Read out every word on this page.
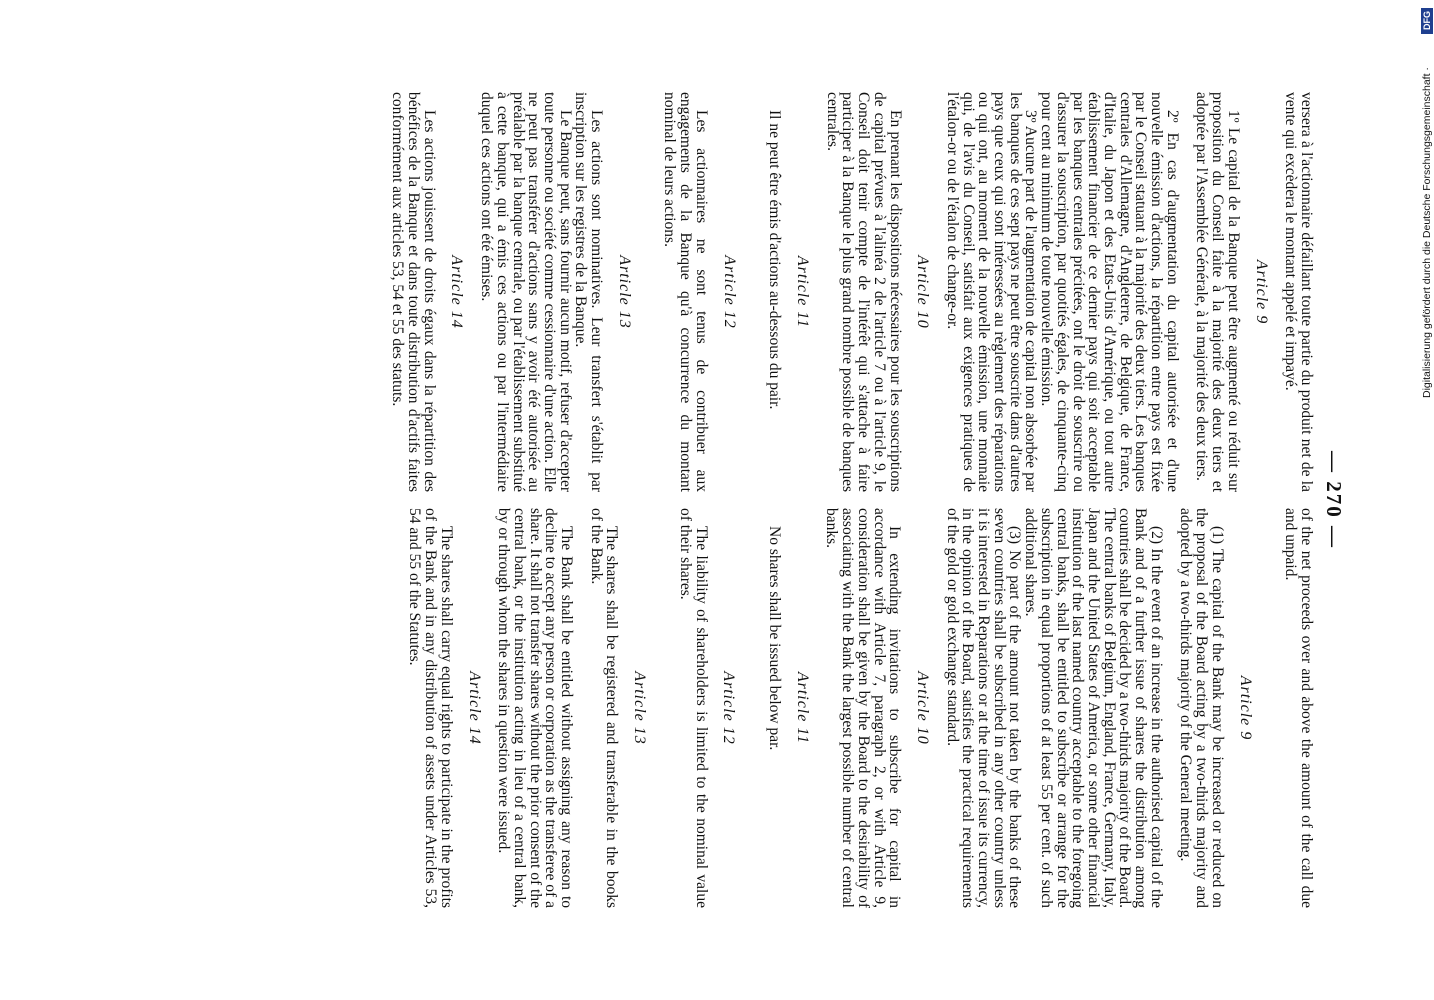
— 270 —

versera à l'actionnaire défaillant toute partie du produit net de la vente qui excèdera le montant appelé et impayé.

Article 9

1º Le capital de la Banque peut être augmenté ou réduit sur proposition du Conseil faite à la majorité des deux tiers et adoptée par l'Assemblée Générale, à la majorité des deux tiers.

2º En cas d'augmentation du capital autorisée et d'une nouvelle émission d'actions, la répartition entre pays est fixée par le Conseil statuant à la majorité des deux tiers. Les banques centrales d'Allemagne, d'Angleterre, de Belgique, de France, d'Italie, du Japon et des Etats-Unis d'Amérique, ou tout autre établissement financier de ce dernier pays qui soit acceptable par les banques centrales précitées, ont le droit de souscrire ou d'assurer la souscription, par quotités égales, de cinquante-cinq pour cent au minimum de toute nouvelle émission.

3º Aucune part de l'augmentation de capital non absorbée par les banques de ces sept pays ne peut être souscrite dans d'autres pays que ceux qui sont intéressées au règlement des réparations ou qui ont, au moment de la nouvelle émission, une monnaie qui, de l'avis du Conseil, satisfait aux exigences pratiques de l'étalon-or ou de l'étalon de change-or.

Article 10

En prenant les dispositions nécessaires pour les souscriptions de capital prévues à l'alinéa 2 de l'article 7 ou à l'article 9, le Conseil doit tenir compte de l'intérêt qui s'attache à faire participer à la Banque le plus grand nombre possible de banques centrales.

Article 11

Il ne peut être émis d'actions au-dessous du pair.

Article 12

Les actionnaires ne sont tenus de contribuer aux engagements de la Banque qu'à concurrence du montant nominal de leurs actions.

Article 13

Les actions sont nominatives. Leur transfert s'établit par inscription sur les registres de la Banque.

Le Banque peut, sans fournir aucun motif, refuser d'accepter toute personne ou société comme cessionnaire d'une action. Elle ne peut pas transférer d'actions sans y avoir été autorisée au préalable par la banque centrale, ou par l'établissement substitué à cette banque, qui a émis ces actions ou par l'intermédiaire duquel ces actions ont été émises.

Article 14

Les actions jouissent de droits égaux dans la répartition des bénéfices de la Banque et dans toute distribution d'actifs faites conformément aux articles 53, 54 et 55 des statuts.

of the net proceeds over and above the amount of the call due and unpaid.

Article 9

(1) The capital of the Bank may be increased or reduced on the proposal of the Board acting by a two-thirds majority and adopted by a two-thirds majority of the General meeting.

(2) In the event of an increase in the authorised capital of the Bank and of a further issue of shares the distribution among countries shall be decided by a two-thirds majority of the Board. The central banks of Belgium, England, France, Germany, Italy, Japan and the United States of America, or some other financial institution of the last named country acceptable to the foregoing central banks, shall be entitled to subscribe or arrange for the subscription in equal proportions of at least 55 per cent. of such additional shares.

(3) No part of the amount not taken by the banks of these seven countries shall be subscribed in any other country unless it is interested in Reparations or at the time of issue its currency, in the opinion of the Board, satisfies the practical requirements of the gold or gold exchange standard.

Article 10

In extending invitations to subscribe for capital in accordance with Article 7, paragraph 2, or with Article 9, consideration shall be given by the Board to the desirability of associating with the Bank the largest possible number of central banks.

Article 11

No shares shall be issued below par.

Article 12

The liability of shareholders is limited to the nominal value of their shares.

Article 13

The shares shall be registered and transferable in the books of the Bank.

The Bank shall be entitled without assigning any reason to decline to accept any person or corporation as the transferee of a share. It shall not transfer shares without the prior consent of the central bank, or the institution acting in lieu of a central bank, by or through whom the shares in question were issued.

Article 14

The shares shall carry equal rights to participate in the profits of the Bank and in any distribution of assets under Articles 53, 54 and 55 of the Statutes.

Digitalisierung gefördert durch die Deutsche Forschungsgemeinschaft ·
DFG
